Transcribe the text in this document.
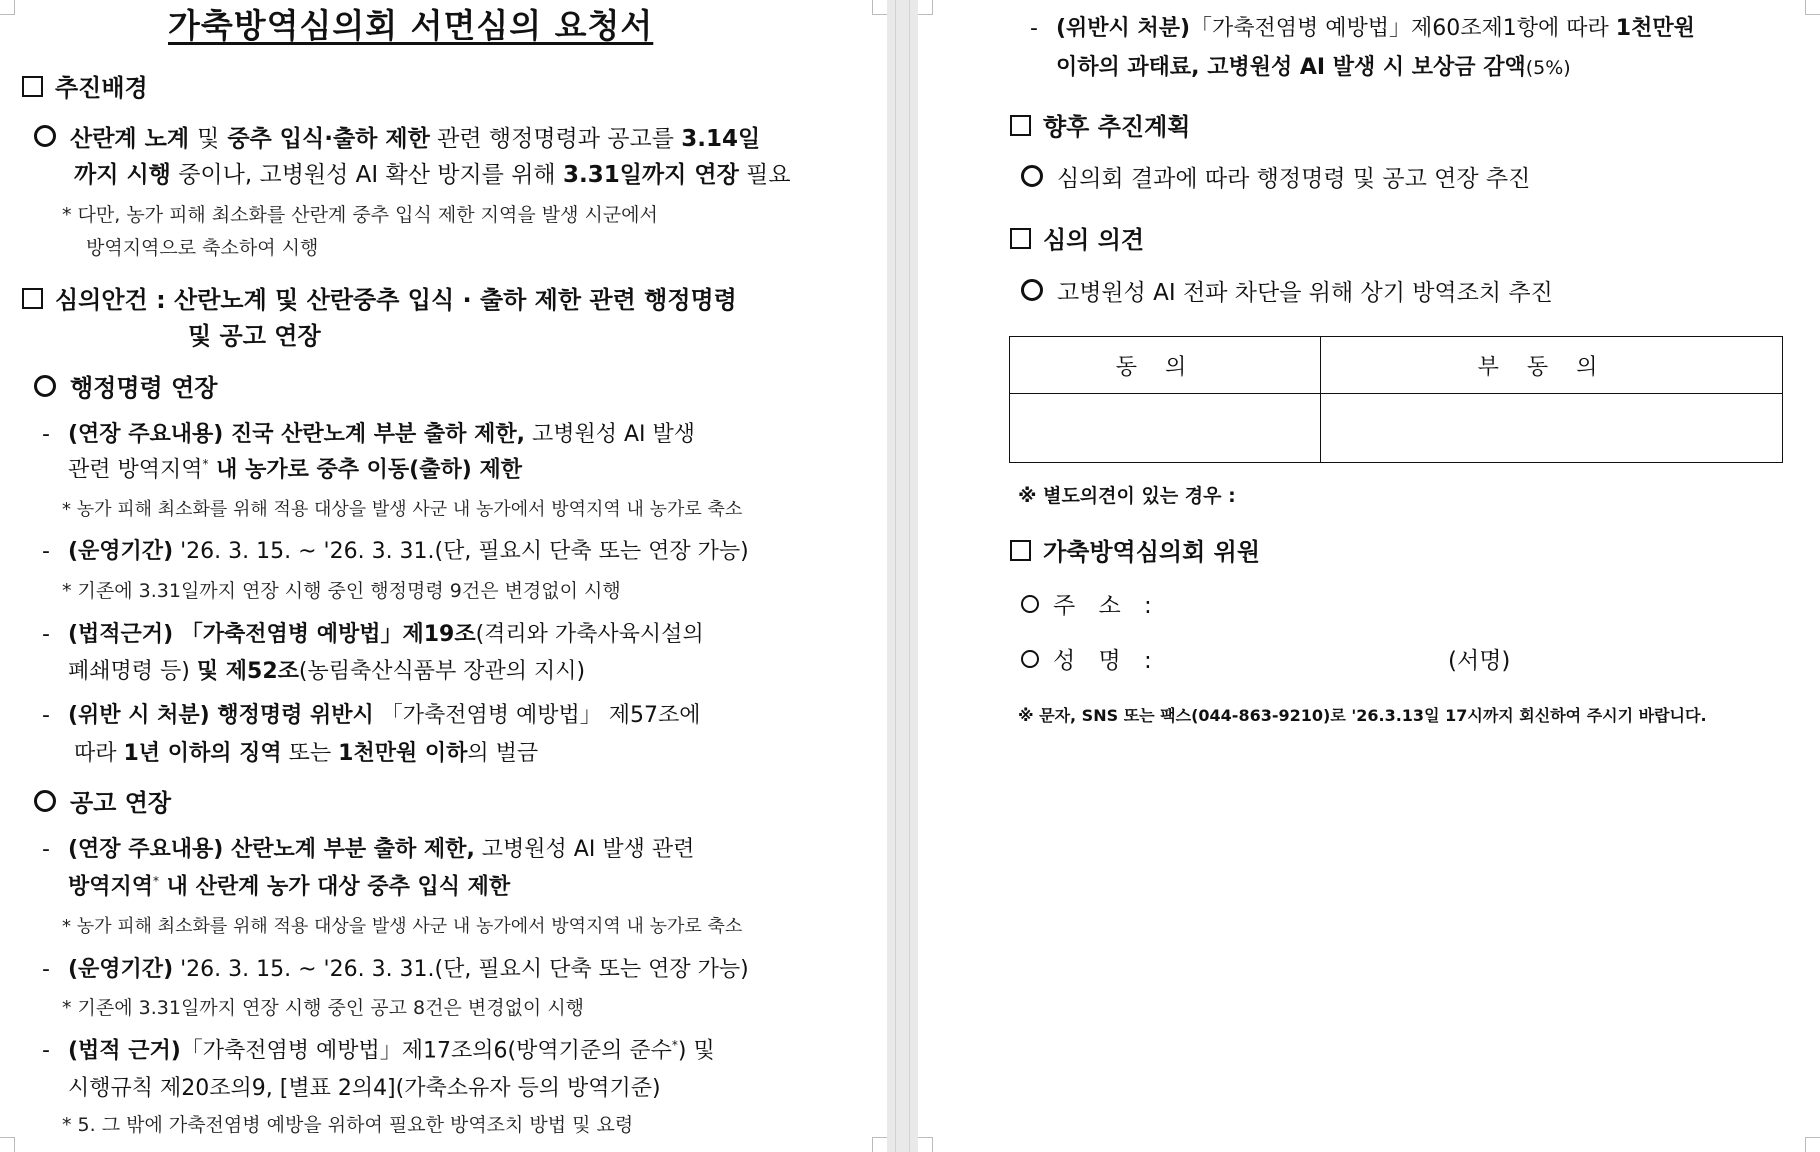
가축방역심의회 서면심의 요청서
추진배경
산란계 노계 및 중추 입식·출하 제한 관련 행정명령과 공고를 3.14일
까지 시행 중이나, 고병원성 AI 확산 방지를 위해 3.31일까지 연장 필요
* 다만, 농가 피해 최소화를 산란계 중추 입식 제한 지역을 발생 시군에서
방역지역으로 축소하여 시행
심의안건 : 산란노계 및 산란중추 입식 · 출하 제한 관련 행정명령
및 공고 연장
행정명령 연장
- (연장 주요내용) 진국 산란노계 부분 출하 제한, 고병원성 AI 발생
관련 방역지역* 내 농가로 중추 이동(출하) 제한
* 농가 피해 최소화를 위해 적용 대상을 발생 사군 내 농가에서 방역지역 내 농가로 축소
- (운영기간) '26. 3. 15. ~ '26. 3. 31.(단, 필요시 단축 또는 연장 가능)
* 기존에 3.31일까지 연장 시행 중인 행정명령 9건은 변경없이 시행
- (법적근거) 「가축전염병 예방법」제19조(격리와 가축사육시설의
폐쇄명령 등) 및 제52조(농림축산식품부 장관의 지시)
- (위반 시 처분) 행정명령 위반시 「가축전염병 예방법」 제57조에
따라 1년 이하의 징역 또는 1천만원 이하의 벌금
공고 연장
- (연장 주요내용) 산란노계 부분 출하 제한, 고병원성 AI 발생 관련
방역지역* 내 산란계 농가 대상 중추 입식 제한
* 농가 피해 최소화를 위해 적용 대상을 발생 사군 내 농가에서 방역지역 내 농가로 축소
- (운영기간) '26. 3. 15. ~ '26. 3. 31.(단, 필요시 단축 또는 연장 가능)
* 기존에 3.31일까지 연장 시행 중인 공고 8건은 변경없이 시행
- (법적 근거)「가축전염병 예방법」제17조의6(방역기준의 준수*) 및
시행규칙 제20조의9, [별표 2의4](가축소유자 등의 방역기준)
* 5. 그 밖에 가축전염병 예방을 위하여 필요한 방역조치 방법 및 요령
- (위반시 처분)「가축전염병 예방법」제60조제1항에 따라 1천만원
이하의 과태료, 고병원성 AI 발생 시 보상금 감액(5%)
향후 추진계획
심의회 결과에 따라 행정명령 및 공고 연장 추진
심의 의견
고병원성 AI 전파 차단을 위해 상기 방역조치 추진
동의	부동의

※ 별도의견이 있는 경우 :
가축방역심의회 위원
주 소 :
성 명 :	(서명)
※ 문자, SNS 또는 팩스(044-863-9210)로 '26.3.13일 17시까지 회신하여 주시기 바랍니다.
